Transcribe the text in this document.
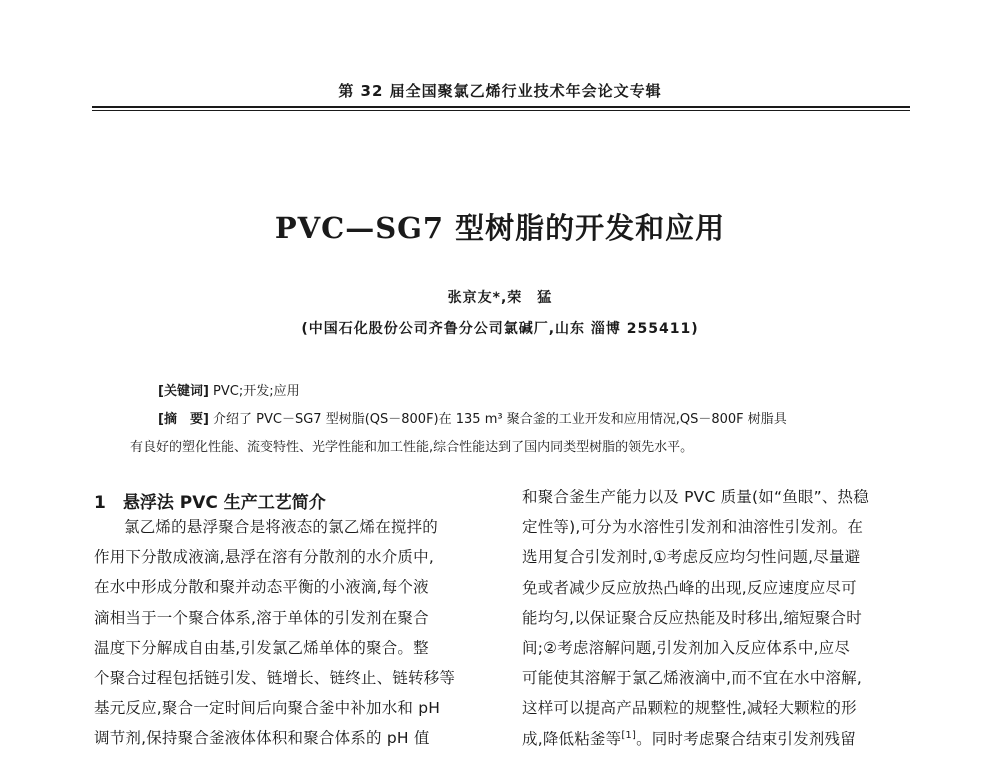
第 32 届全国聚氯乙烯行业技术年会论文专辑
PVC—SG7 型树脂的开发和应用
张京友*,荣　猛
(中国石化股份公司齐鲁分公司氯碱厂,山东 淄博 255411)
[关键词] PVC;开发;应用
[摘　要] 介绍了 PVC－SG7 型树脂(QS－800F)在 135 m³ 聚合釜的工业开发和应用情况,QS－800F 树脂具
有良好的塑化性能、流变特性、光学性能和加工性能,综合性能达到了国内同类型树脂的领先水平。
1　悬浮法 PVC 生产工艺简介
氯乙烯的悬浮聚合是将液态的氯乙烯在搅拌的
作用下分散成液滴,悬浮在溶有分散剂的水介质中,
在水中形成分散和聚并动态平衡的小液滴,每个液
滴相当于一个聚合体系,溶于单体的引发剂在聚合
温度下分解成自由基,引发氯乙烯单体的聚合。整
个聚合过程包括链引发、链增长、链终止、链转移等
基元反应,聚合一定时间后向聚合釜中补加水和 pH
调节剂,保持聚合釜液体体积和聚合体系的 pH 值
和聚合釜生产能力以及 PVC 质量(如“鱼眼”、热稳
定性等),可分为水溶性引发剂和油溶性引发剂。在
选用复合引发剂时,①考虑反应均匀性问题,尽量避
免或者减少反应放热凸峰的出现,反应速度应尽可
能均匀,以保证聚合反应热能及时移出,缩短聚合时
间;②考虑溶解问题,引发剂加入反应体系中,应尽
可能使其溶解于氯乙烯液滴中,而不宜在水中溶解,
这样可以提高产品颗粒的规整性,减轻大颗粒的形
成,降低粘釜等[1]。同时考虑聚合结束引发剂残留
